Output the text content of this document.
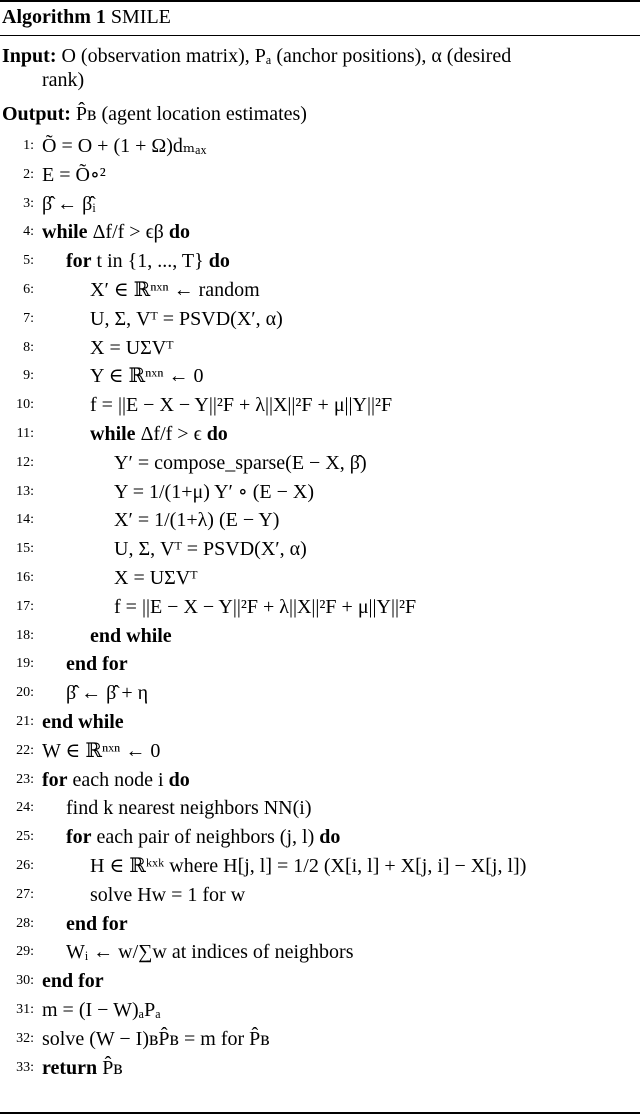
Algorithm 1 SMILE
Input: O (observation matrix), Pₐ (anchor positions), α (desired
rank)
Output: P̂ʙ (agent location estimates)
1: Õ = O + (1 + Ω)dₘₐₓ
2: E = Õ∘²
3: β̂ ← β̂ᵢ
4: while Δf/f > ϵβ do
5: for t in {1, ..., T} do
6:	X′ ∈ ℝⁿˣⁿ ← random
7:	U, Σ, Vᵀ = PSVD(X′, α)
8:	X = UΣVᵀ
9:	Y ∈ ℝⁿˣⁿ ← 0
10:	f = ||E − X − Y||²F + λ||X||²F + μ||Y||²F
11:	while Δf/f > ϵ do
12:	Y′ = compose_sparse(E − X, β̂)
13:	Y = 1/(1+μ) Y′ ∘ (E − X)
14:	X′ = 1/(1+λ) (E − Y)
15:	U, Σ, Vᵀ = PSVD(X′, α)
16:	X = UΣVᵀ
17:	f = ||E − X − Y||²F + λ||X||²F + μ||Y||²F
18:	end while
19: end for
20: β̂ ← β̂ + η
21: end while
22: W ∈ ℝⁿˣⁿ ← 0
23: for each node i do
24: find k nearest neighbors NN(i)
25: for each pair of neighbors (j, l) do
26:	H ∈ ℝᵏˣᵏ where H[j, l] = 1/2 (X[i, l] + X[j, i] − X[j, l])
27:	solve Hw = 1 for w
28: end for
29: Wᵢ ← w/∑w at indices of neighbors
30: end for
31: m = (I − W)ₐPₐ
32: solve (W − I)ʙP̂ʙ = m for P̂ʙ
33: return P̂ʙ
